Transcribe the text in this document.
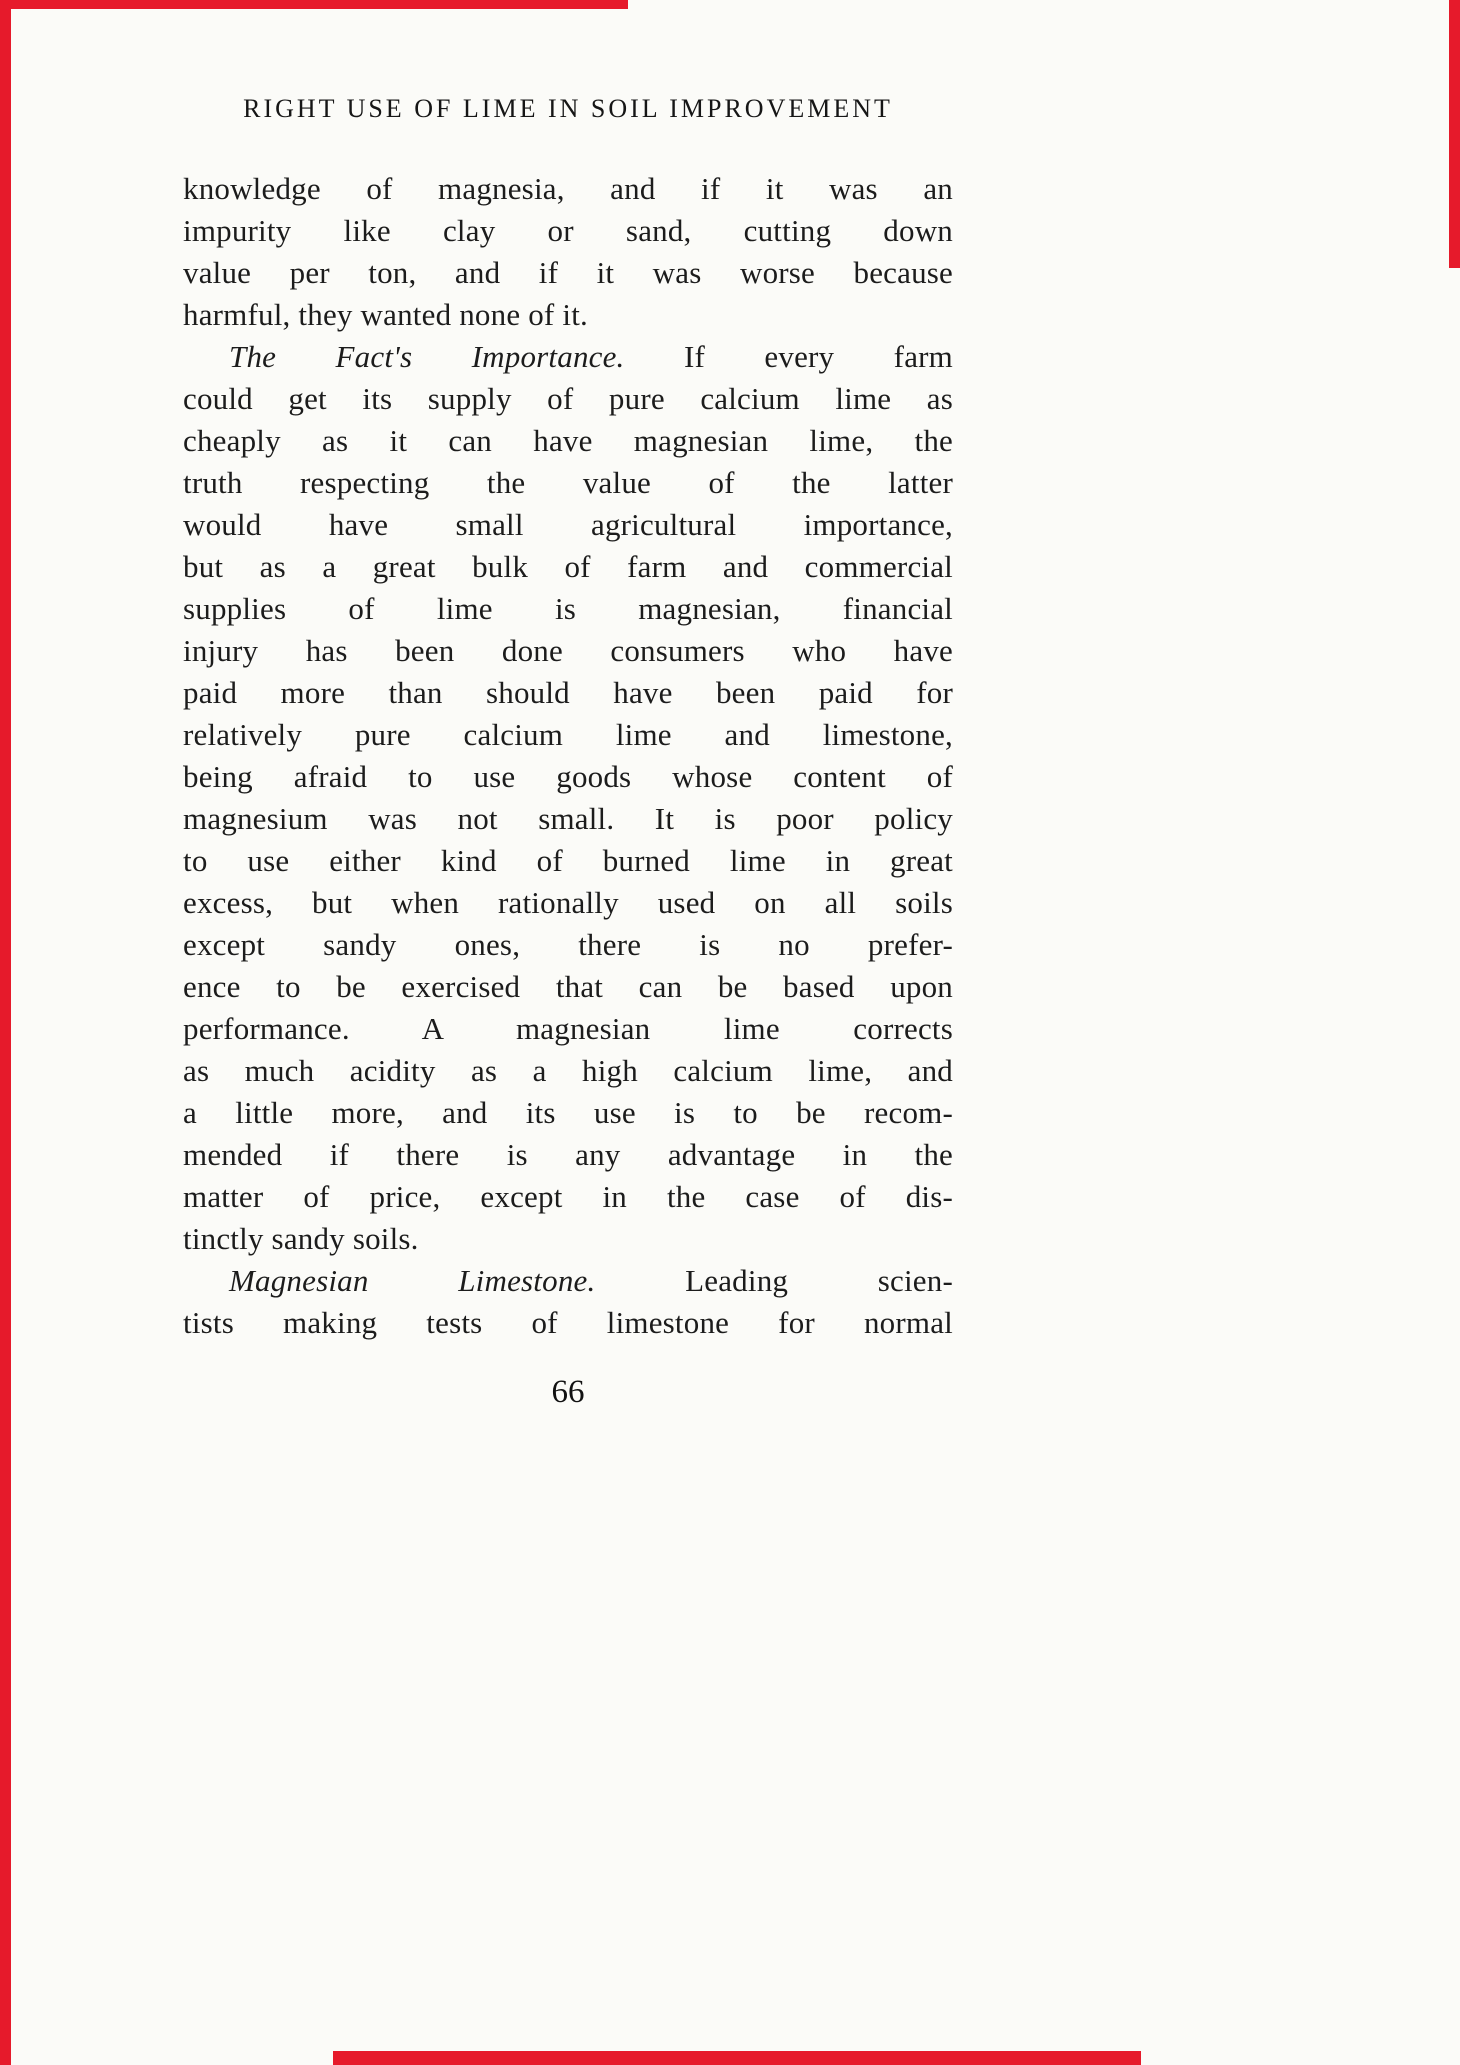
RIGHT USE OF LIME IN SOIL IMPROVEMENT
knowledge of magnesia, and if it was an
impurity like clay or sand, cutting down
value per ton, and if it was worse because
harmful, they wanted none of it.
The Fact's Importance. If every farm
could get its supply of pure calcium lime as
cheaply as it can have magnesian lime, the
truth respecting the value of the latter
would have small agricultural importance,
but as a great bulk of farm and commercial
supplies of lime is magnesian, financial
injury has been done consumers who have
paid more than should have been paid for
relatively pure calcium lime and limestone,
being afraid to use goods whose content of
magnesium was not small. It is poor policy
to use either kind of burned lime in great
excess, but when rationally used on all soils
except sandy ones, there is no prefer-
ence to be exercised that can be based upon
performance. A magnesian lime corrects
as much acidity as a high calcium lime, and
a little more, and its use is to be recom-
mended if there is any advantage in the
matter of price, except in the case of dis-
tinctly sandy soils.
Magnesian Limestone. Leading scien-
tists making tests of limestone for normal
66
